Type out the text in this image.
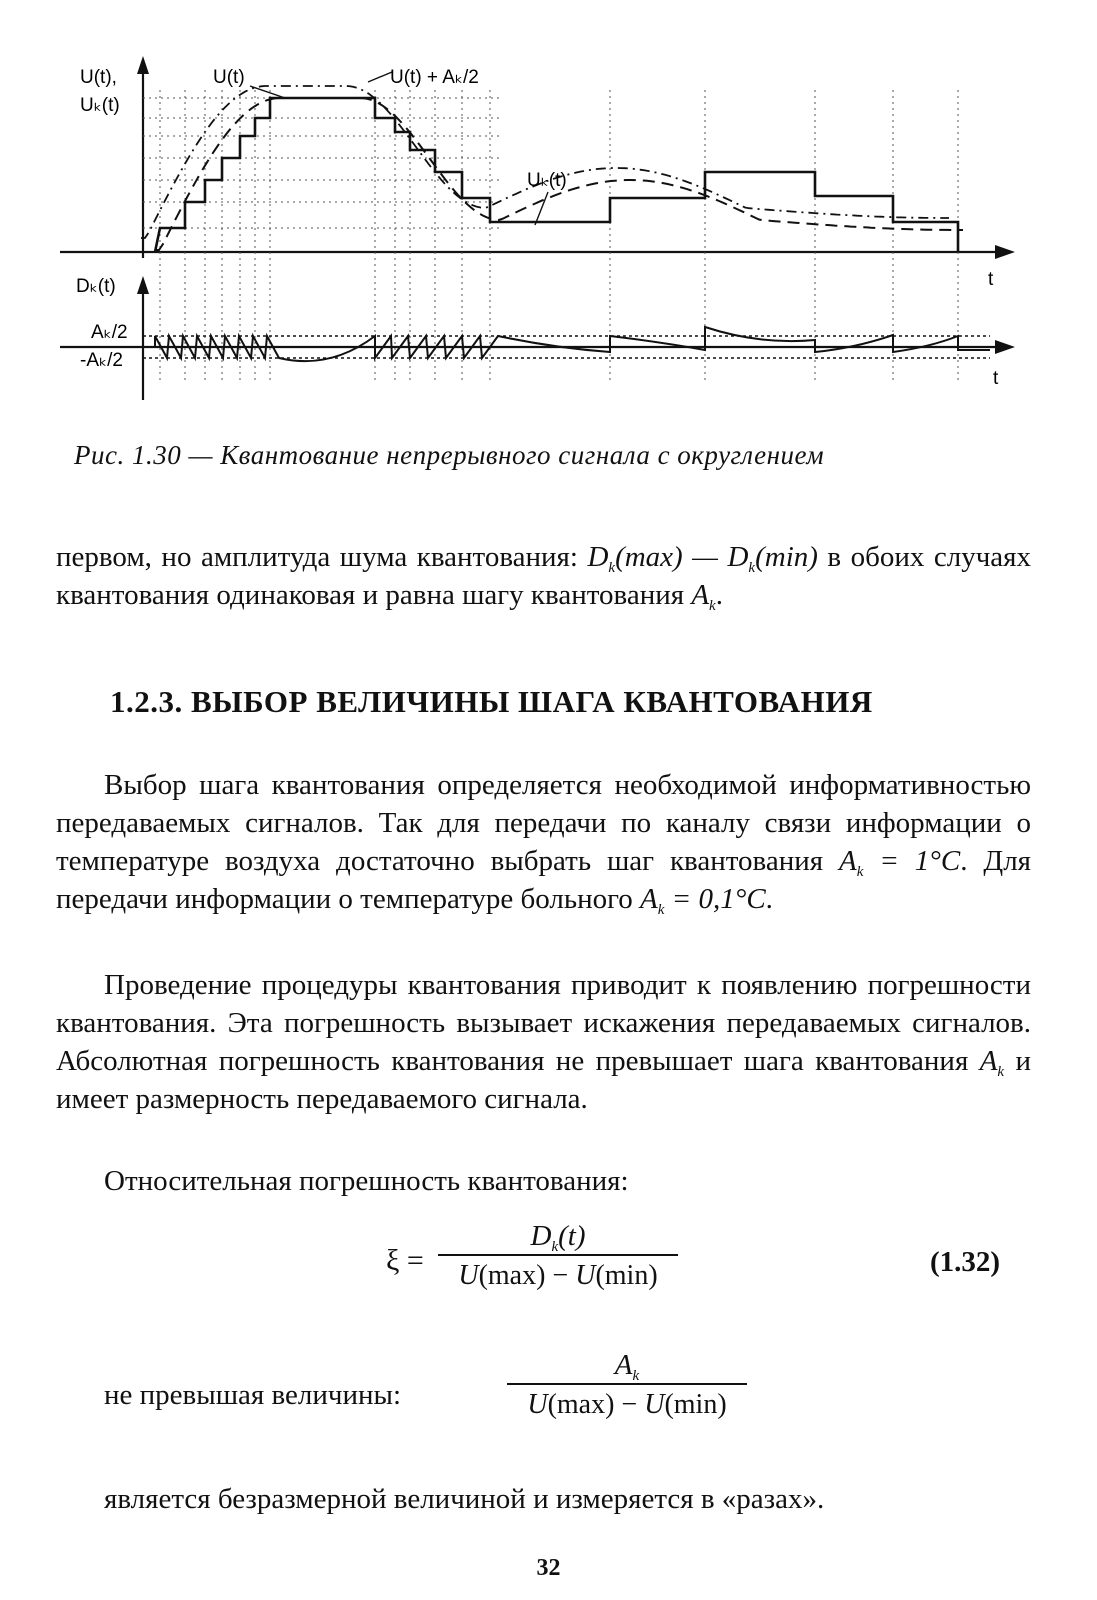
U(t),
Uₖ(t)
U(t)	U(t) + Aₖ/2
Uₖ(t)
t
Dₖ(t)
Aₖ/2
-Aₖ/2
t
Рис. 1.30 — Квантование непрерывного сигнала с округлением
первом, но амплитуда шума квантования: $D_k(\max)$ — $D_k(\min)$ в обоих случаях квантования одинаковая и равна шагу квантования $A_k$.
1.2.3. ВЫБОР ВЕЛИЧИНЫ ШАГА КВАНТОВАНИЯ
Выбор шага квантования определяется необходимой информативностью передаваемых сигналов. Так для передачи по каналу связи информации о температуре воздуха достаточно выбрать шаг квантования $A_k = 1^\circ C$. Для передачи информации о температуре больного $A_k = 0,1^\circ C$.
Проведение процедуры квантования приводит к появлению погрешности квантования. Эта погрешность вызывает искажения передаваемых сигналов. Абсолютная погрешность квантования не превышает шага квантования $A_k$ и имеет размерность передаваемого сигнала.
Относительная погрешность квантования:
ξ =
$D_k(t)$
U(max) − U(min)	(1.32)
не превышая величины:
$A_k$
U(max) − U(min)
является безразмерной величиной и измеряется в «разах».
32
